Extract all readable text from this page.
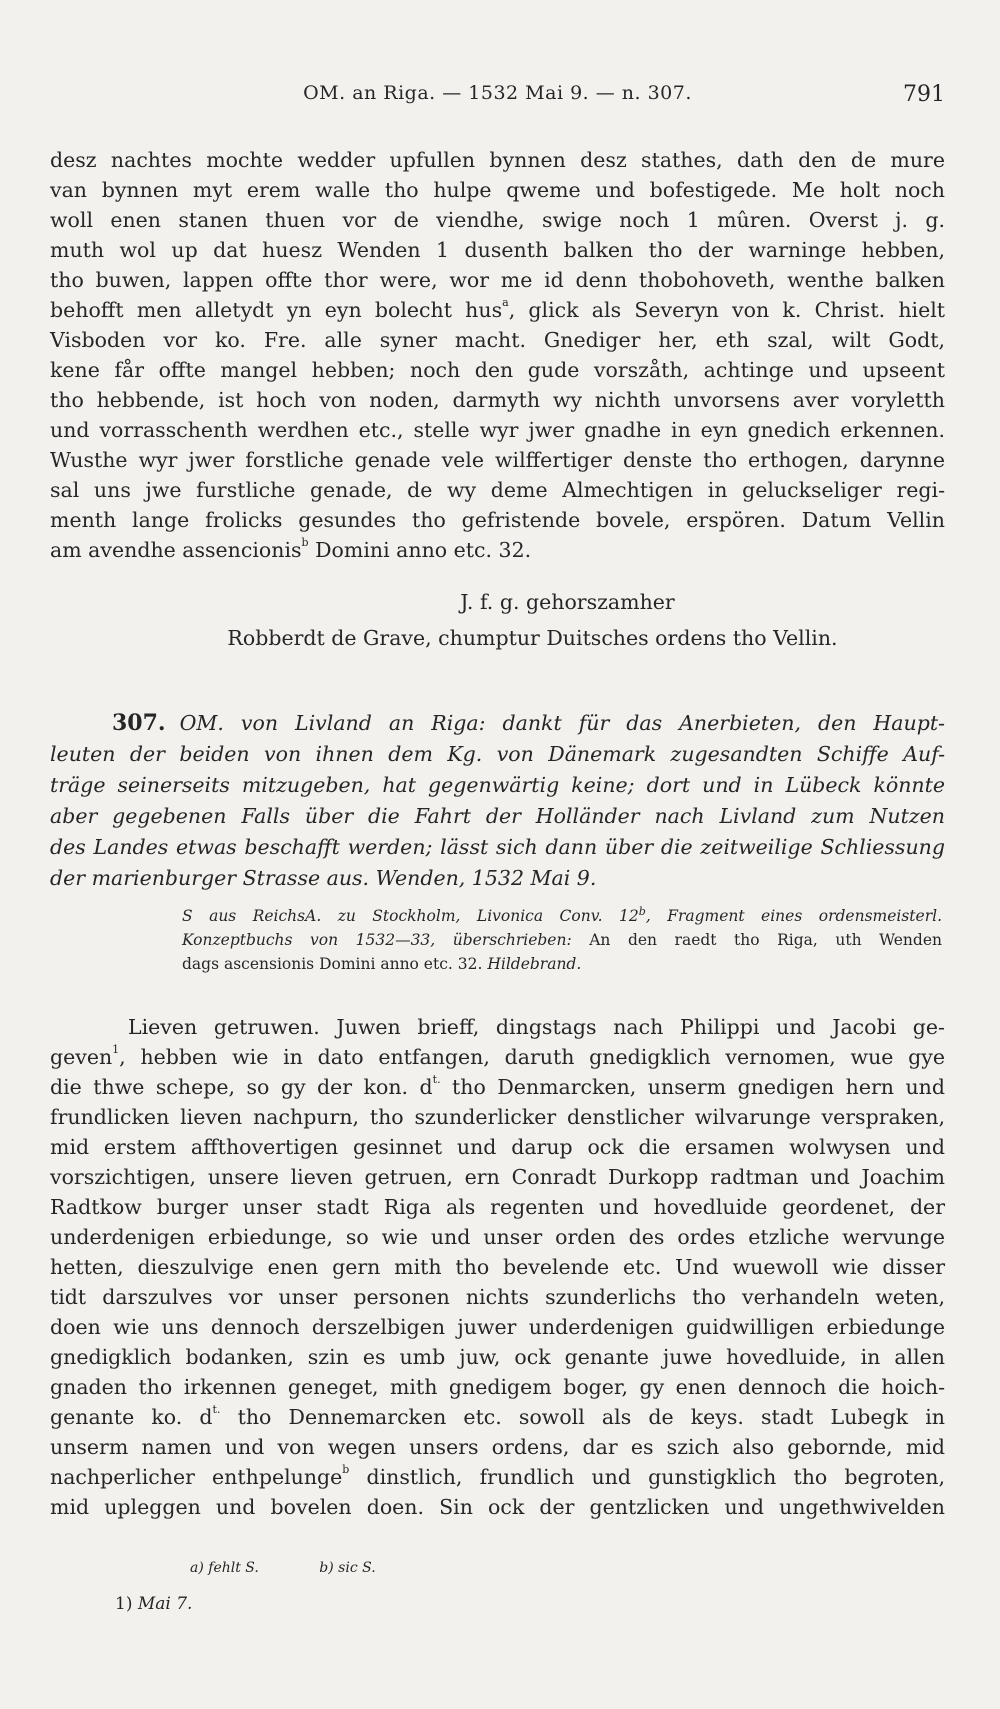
OM. an Riga. — 1532 Mai 9. — n. 307.	791
desz nachtes mochte wedder upfullen bynnen desz stathes, dath den de mure
van bynnen myt erem walle tho hulpe qweme und bofestigede. Me holt noch
woll enen stanen thuen vor de viendhe, swige noch 1 mûren. Overst j. g.
muth wol up dat huesz Wenden 1 dusenth balken tho der warninge hebben,
tho buwen, lappen offte thor were, wor me id denn thobohoveth, wenthe balken
behofft men alletydt yn eyn bolecht hus$^a$, glick als Severyn von k. Christ. hielt
Visboden vor ko. Fre. alle syner macht. Gnediger her, eth szal, wilt Godt,
kene får offte mangel hebben; noch den gude vorszåth, achtinge und upseent
tho hebbende, ist hoch von noden, darmyth wy nichth unvorsens aver voryletth
und vorrasschenth werdhen etc., stelle wyr jwer gnadhe in eyn gnedich erkennen.
Wusthe wyr jwer forstliche genade vele wilffertiger denste tho erthogen, darynne
sal uns jwe furstliche genade, de wy deme Almechtigen in geluckseliger regi-
menth lange frolicks gesundes tho gefristende bovele, erspören. Datum Vellin
am avendhe assencionis$^b$ Domini anno etc. 32.
J. f. g. gehorszamher
Robberdt de Grave, chumptur Duitsches ordens tho Vellin.
307. OM. von Livland an Riga: dankt für das Anerbieten, den Haupt-
leuten der beiden von ihnen dem Kg. von Dänemark zugesandten Schiffe Auf-
träge seinerseits mitzugeben, hat gegenwärtig keine; dort und in Lübeck könnte
aber gegebenen Falls über die Fahrt der Holländer nach Livland zum Nutzen
des Landes etwas beschafft werden; lässt sich dann über die zeitweilige Schliessung
der marienburger Strasse aus. Wenden, 1532 Mai 9.
S aus ReichsA. zu Stockholm, Livonica Conv. 12$^b$, Fragment eines ordensmeisterl.
Konzeptbuchs von 1532—33, überschrieben: An den raedt tho Riga, uth Wenden
dags ascensionis Domini anno etc. 32. Hildebrand.
Lieven getruwen. Juwen brieff, dingstags nach Philippi und Jacobi ge-
geven$^1$, hebben wie in dato entfangen, daruth gnedigklich vernomen, wue gye
die thwe schepe, so gy der kon. $d^{t.}$ tho Denmarcken, unserm gnedigen hern und
frundlicken lieven nachpurn, tho szunderlicker denstlicher wilvarunge verspraken,
mid erstem affthovertigen gesinnet und darup ock die ersamen wolwysen und
vorszichtigen, unsere lieven getruen, ern Conradt Durkopp radtman und Joachim
Radtkow burger unser stadt Riga als regenten und hovedluide geordenet, der
underdenigen erbiedunge, so wie und unser orden des ordes etzliche wervunge
hetten, dieszulvige enen gern mith tho bevelende etc. Und wuewoll wie disser
tidt darszulves vor unser personen nichts szunderlichs tho verhandeln weten,
doen wie uns dennoch derszelbigen juwer underdenigen guidwilligen erbiedunge
gnedigklich bodanken, szin es umb juw, ock genante juwe hovedluide, in allen
gnaden tho irkennen geneget, mith gnedigem boger, gy enen dennoch die hoich-
genante ko. $d^{t.}$ tho Dennemarcken etc. sowoll als de keys. stadt Lubegk in
unserm namen und von wegen unsers ordens, dar es szich also geborndе, mid
nachperlicher enthpelunge$^b$ dinstlich, frundlich und gunstigklich tho begroten,
mid upleggen und bovelen doen. Sin ock der gentzlicken und ungethwivelden
a) fehlt S.	b) sic S.
1) Mai 7.
